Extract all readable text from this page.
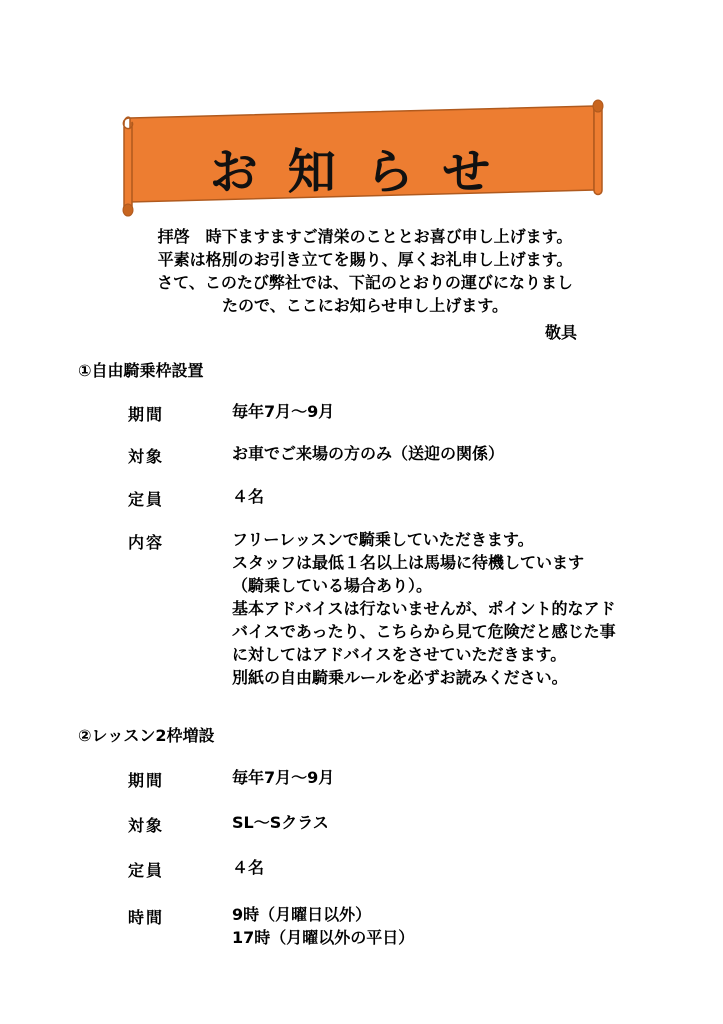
お知らせ
拝啓　時下ますますご清栄のこととお喜び申し上げます。
平素は格別のお引き立てを賜り、厚くお礼申し上げます。
さて、このたび弊社では、下記のとおりの運びになりまし
たので、ここにお知らせ申し上げます。
敬具
①自由騎乗枠設置
期間	毎年7月～9月
対象	お車でご来場の方のみ（送迎の関係）
定員	４名
内容	フリーレッスンで騎乗していただきます。
スタッフは最低１名以上は馬場に待機しています
（騎乗している場合あり）。
基本アドバイスは行ないませんが、ポイント的なアド
バイスであったり、こちらから見て危険だと感じた事
に対してはアドバイスをさせていただきます。
別紙の自由騎乗ルールを必ずお読みください。
②レッスン2枠増設
期間	毎年7月～9月
対象	SL～Sクラス
定員	４名
時間	9時（月曜日以外）
17時（月曜以外の平日）
